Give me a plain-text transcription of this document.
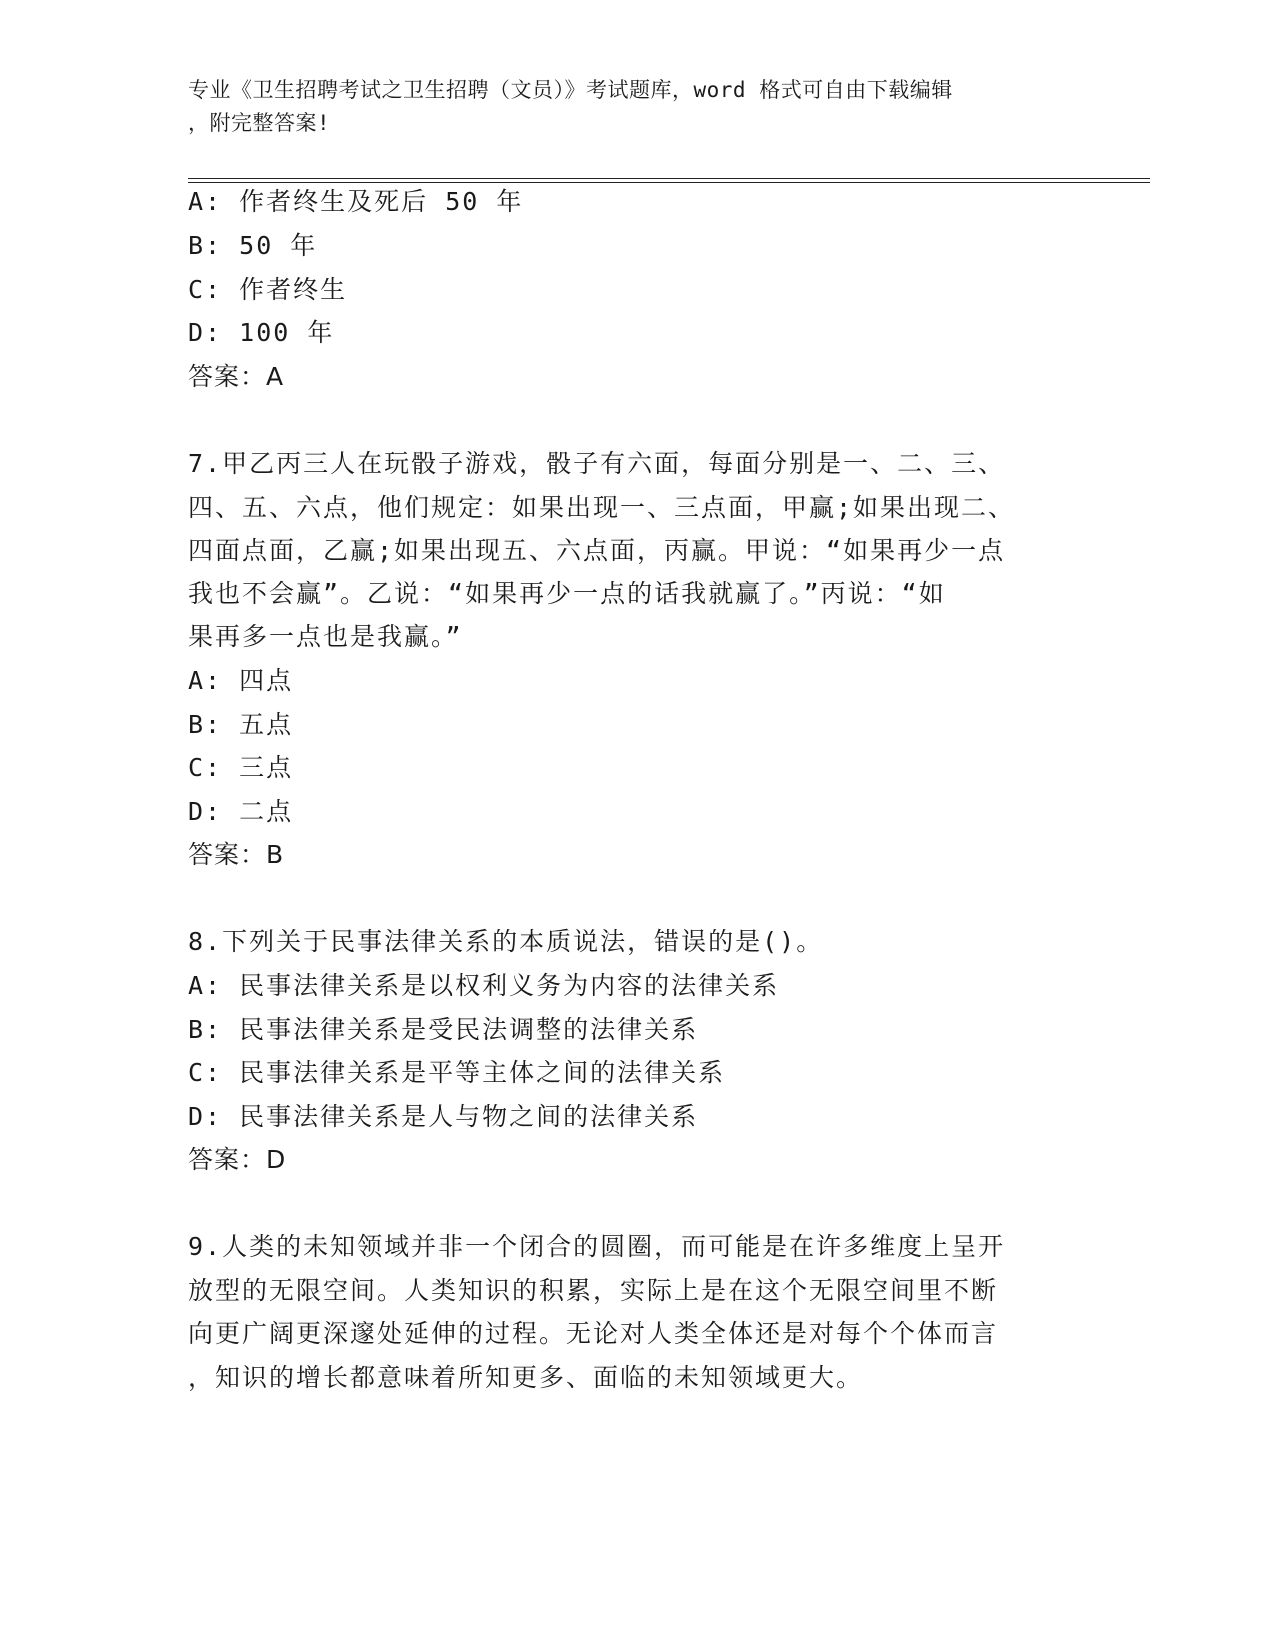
专业《卫生招聘考试之卫生招聘（文员）》考试题库，word 格式可自由下载编辑
，附完整答案!
A: 作者终生及死后 50 年
B: 50 年
C: 作者终生
D: 100 年
答案：A
7.甲乙丙三人在玩骰子游戏，骰子有六面，每面分别是一、二、三、
四、五、六点，他们规定：如果出现一、三点面，甲赢;如果出现二、
四面点面，乙赢;如果出现五、六点面，丙赢。甲说：“如果再少一点
我也不会赢”。乙说：“如果再少一点的话我就赢了。”丙说：“如
果再多一点也是我赢。”
A: 四点
B: 五点
C: 三点
D: 二点
答案：B
8.下列关于民事法律关系的本质说法，错误的是()。
A: 民事法律关系是以权利义务为内容的法律关系
B: 民事法律关系是受民法调整的法律关系
C: 民事法律关系是平等主体之间的法律关系
D: 民事法律关系是人与物之间的法律关系
答案：D
9.人类的未知领域并非一个闭合的圆圈，而可能是在许多维度上呈开
放型的无限空间。人类知识的积累，实际上是在这个无限空间里不断
向更广阔更深邃处延伸的过程。无论对人类全体还是对每个个体而言
，知识的增长都意味着所知更多、面临的未知领域更大。
